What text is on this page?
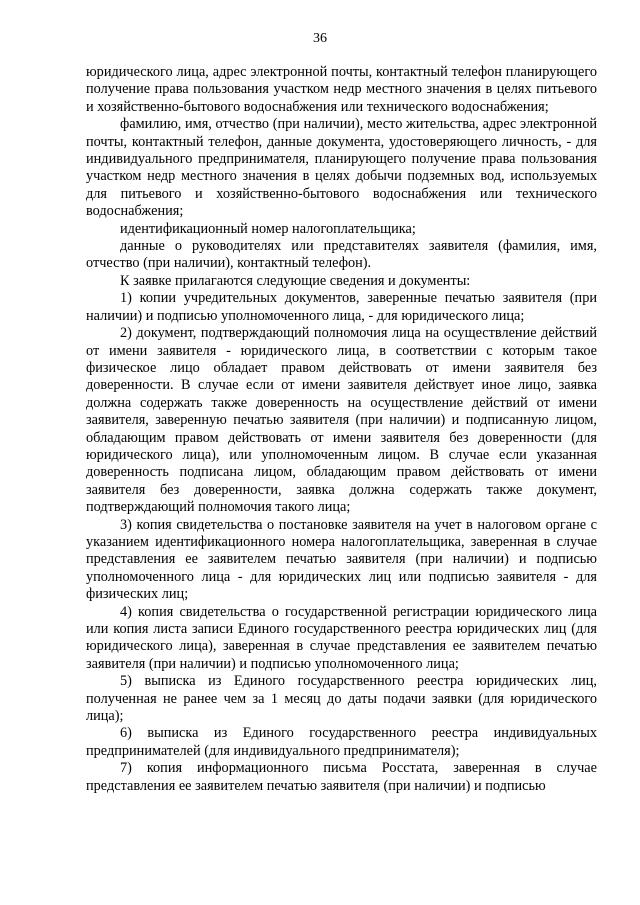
36

юридического лица, адрес электронной почты, контактный телефон планирующего получение права пользования участком недр местного значения в целях питьевого и хозяйственно-бытового водоснабжения или технического водоснабжения;

фамилию, имя, отчество (при наличии), место жительства, адрес электронной почты, контактный телефон, данные документа, удостоверяющего личность, - для индивидуального предпринимателя, планирующего получение права пользования участком недр местного значения в целях добычи подземных вод, используемых для питьевого и хозяйственно-бытового водоснабжения или технического водоснабжения;

идентификационный номер налогоплательщика;

данные о руководителях или представителях заявителя (фамилия, имя, отчество (при наличии), контактный телефон).

К заявке прилагаются следующие сведения и документы:

1) копии учредительных документов, заверенные печатью заявителя (при наличии) и подписью уполномоченного лица, - для юридического лица;

2) документ, подтверждающий полномочия лица на осуществление действий от имени заявителя - юридического лица, в соответствии с которым такое физическое лицо обладает правом действовать от имени заявителя без доверенности. В случае если от имени заявителя действует иное лицо, заявка должна содержать также доверенность на осуществление действий от имени заявителя, заверенную печатью заявителя (при наличии) и подписанную лицом, обладающим правом действовать от имени заявителя без доверенности (для юридического лица), или уполномоченным лицом. В случае если указанная доверенность подписана лицом, обладающим правом действовать от имени заявителя без доверенности, заявка должна содержать также документ, подтверждающий полномочия такого лица;

3) копия свидетельства о постановке заявителя на учет в налоговом органе с указанием идентификационного номера налогоплательщика, заверенная в случае представления ее заявителем печатью заявителя (при наличии) и подписью уполномоченного лица - для юридических лиц или подписью заявителя - для физических лиц;

4) копия свидетельства о государственной регистрации юридического лица или копия листа записи Единого государственного реестра юридических лиц (для юридического лица), заверенная в случае представления ее заявителем печатью заявителя (при наличии) и подписью уполномоченного лица;

5) выписка из Единого государственного реестра юридических лиц, полученная не ранее чем за 1 месяц до даты подачи заявки (для юридического лица);

6) выписка из Единого государственного реестра индивидуальных предпринимателей (для индивидуального предпринимателя);

7) копия информационного письма Росстата, заверенная в случае представления ее заявителем печатью заявителя (при наличии) и подписью
